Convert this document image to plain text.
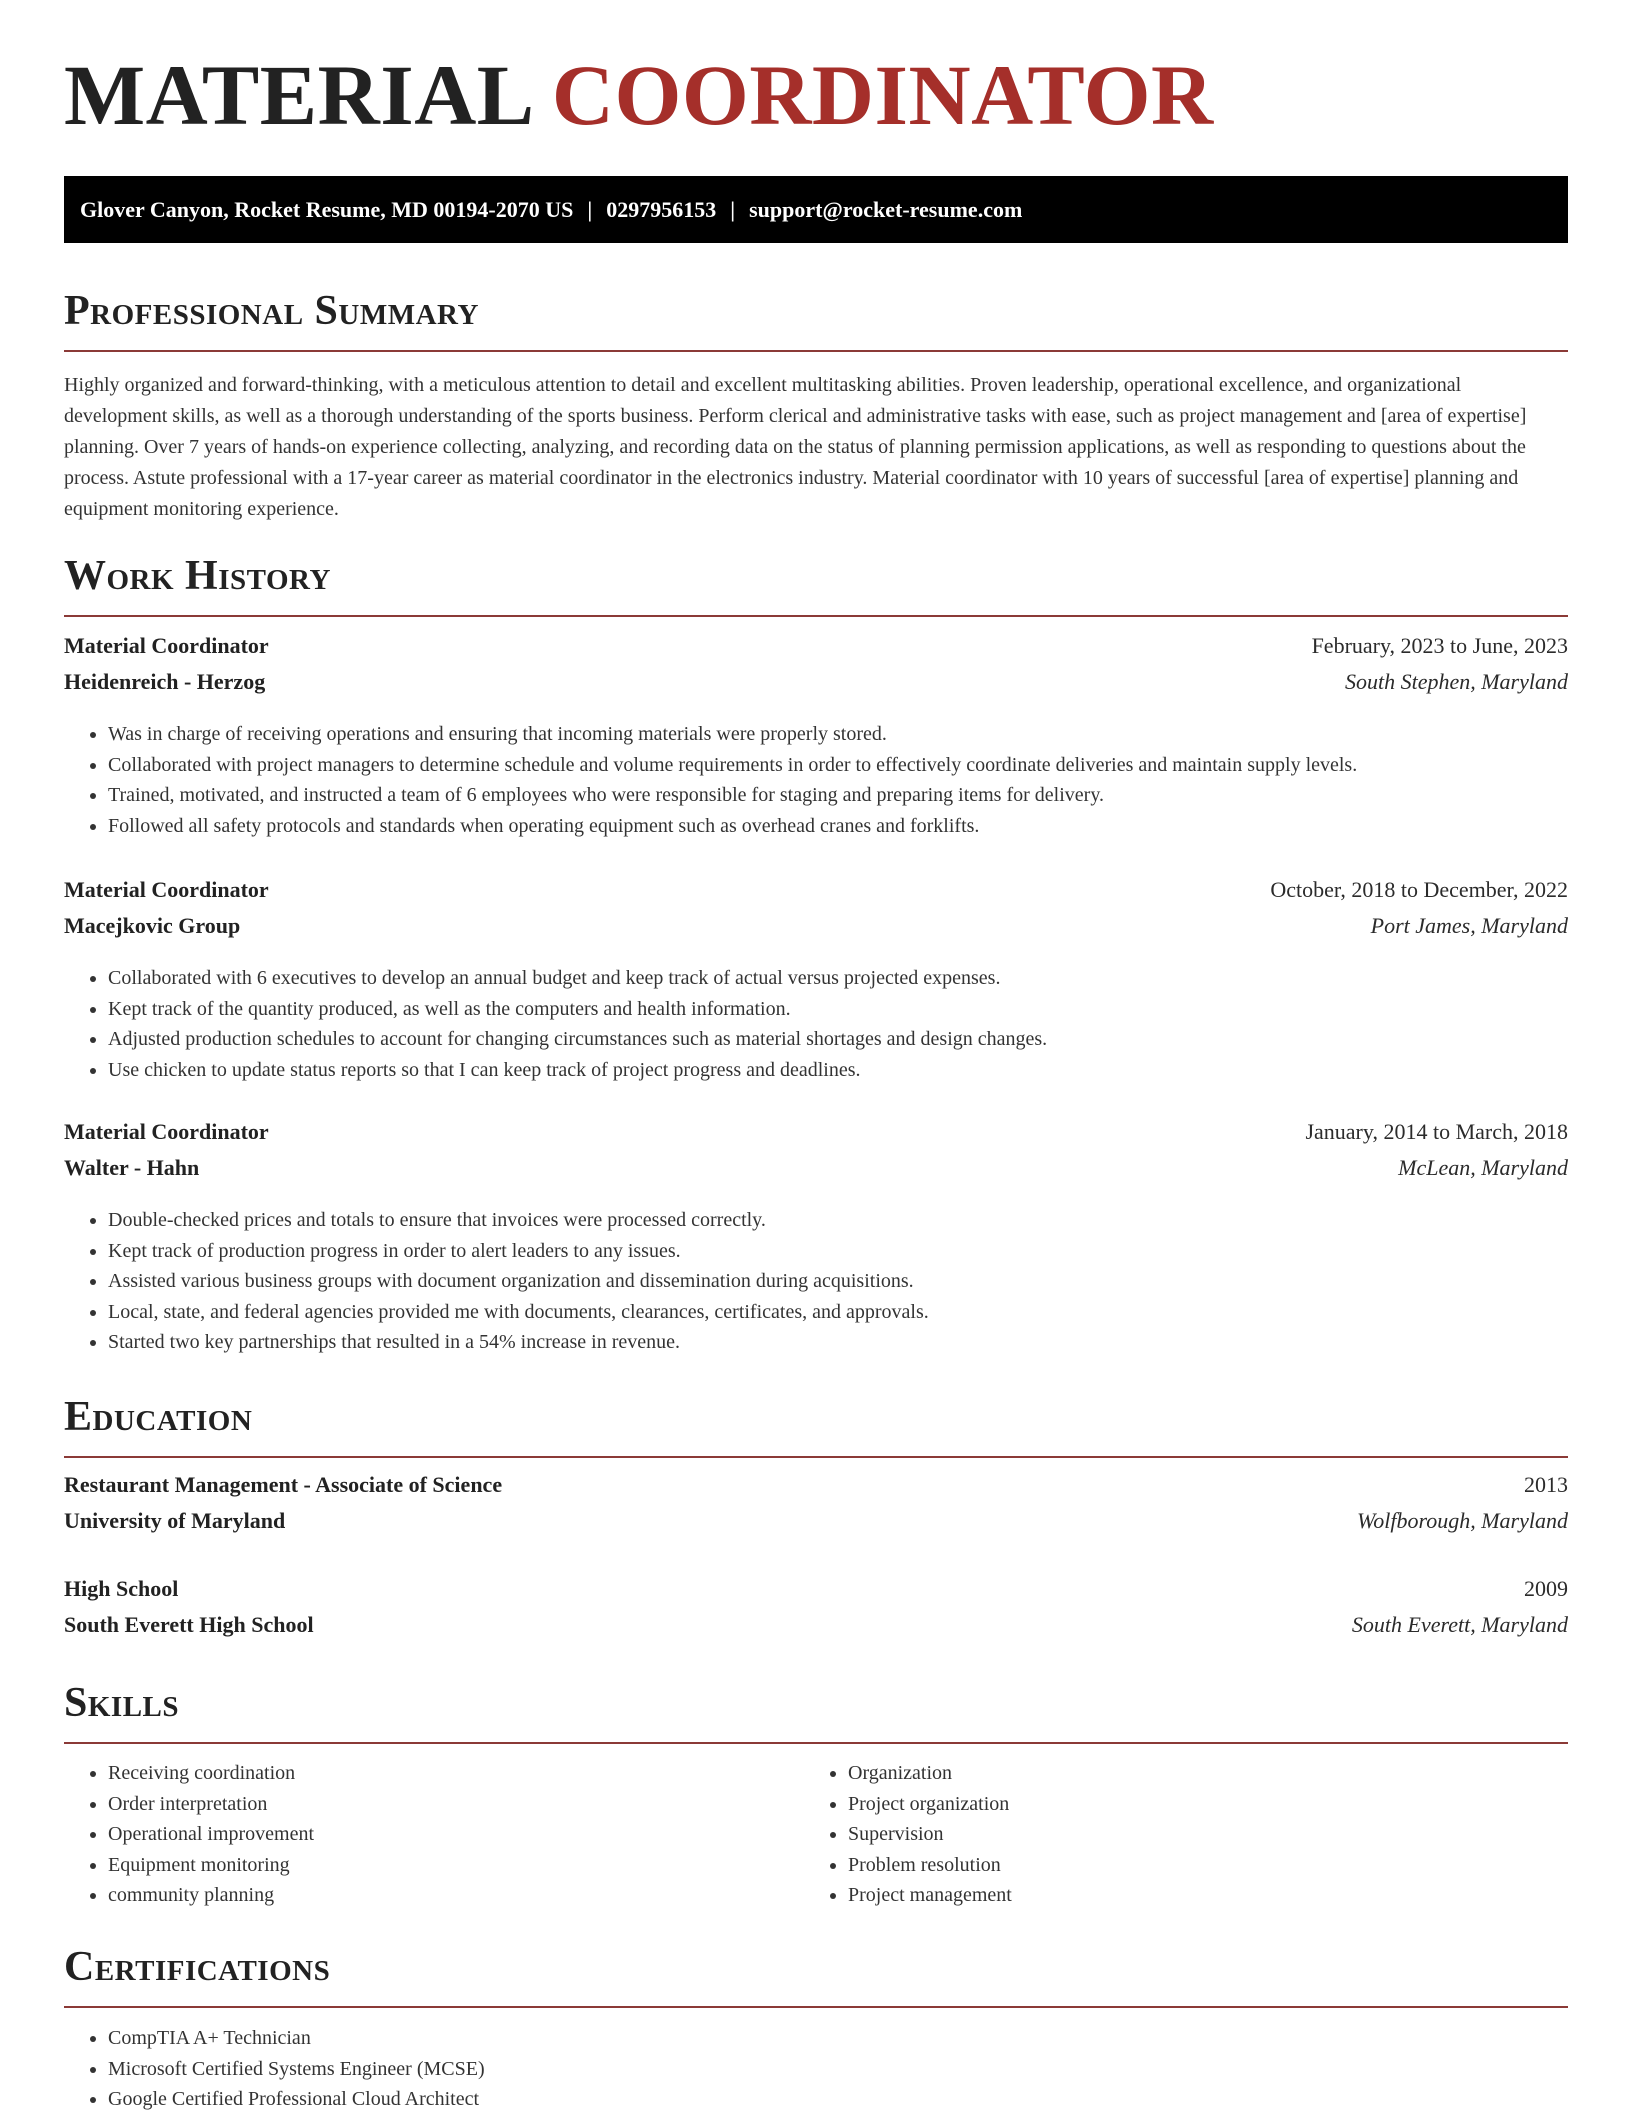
MATERIAL COORDINATOR
Glover Canyon, Rocket Resume, MD 00194-2070 US | 0297956153 | support@rocket-resume.com
Professional Summary

Highly organized and forward-thinking, with a meticulous attention to detail and excellent multitasking abilities. Proven leadership, operational excellence, and organizational development skills, as well as a thorough understanding of the sports business. Perform clerical and administrative tasks with ease, such as project management and [area of expertise] planning. Over 7 years of hands-on experience collecting, analyzing, and recording data on the status of planning permission applications, as well as responding to questions about the process. Astute professional with a 17-year career as material coordinator in the electronics industry. Material coordinator with 10 years of successful [area of expertise] planning and equipment monitoring experience.

Work History
Material Coordinator	February, 2023 to June, 2023
Heidenreich - Herzog	South Stephen, Maryland
• Was in charge of receiving operations and ensuring that incoming materials were properly stored.
• Collaborated with project managers to determine schedule and volume requirements in order to effectively coordinate deliveries and maintain supply levels.
• Trained, motivated, and instructed a team of 6 employees who were responsible for staging and preparing items for delivery.
• Followed all safety protocols and standards when operating equipment such as overhead cranes and forklifts.
Material Coordinator	October, 2018 to December, 2022
Macejkovic Group	Port James, Maryland
• Collaborated with 6 executives to develop an annual budget and keep track of actual versus projected expenses.
• Kept track of the quantity produced, as well as the computers and health information.
• Adjusted production schedules to account for changing circumstances such as material shortages and design changes.
• Use chicken to update status reports so that I can keep track of project progress and deadlines.
Material Coordinator	January, 2014 to March, 2018
Walter - Hahn	McLean, Maryland
• Double-checked prices and totals to ensure that invoices were processed correctly.
• Kept track of production progress in order to alert leaders to any issues.
• Assisted various business groups with document organization and dissemination during acquisitions.
• Local, state, and federal agencies provided me with documents, clearances, certificates, and approvals.
• Started two key partnerships that resulted in a 54% increase in revenue.
Education
Restaurant Management - Associate of Science	2013
University of Maryland	Wolfborough, Maryland
High School	2009
South Everett High School	South Everett, Maryland
Skills
• Receiving coordination
• Order interpretation
• Operational improvement
• Equipment monitoring
• community planning
• Organization
• Project organization
• Supervision
• Problem resolution
• Project management
Certifications
• CompTIA A+ Technician
• Microsoft Certified Systems Engineer (MCSE)
• Google Certified Professional Cloud Architect
